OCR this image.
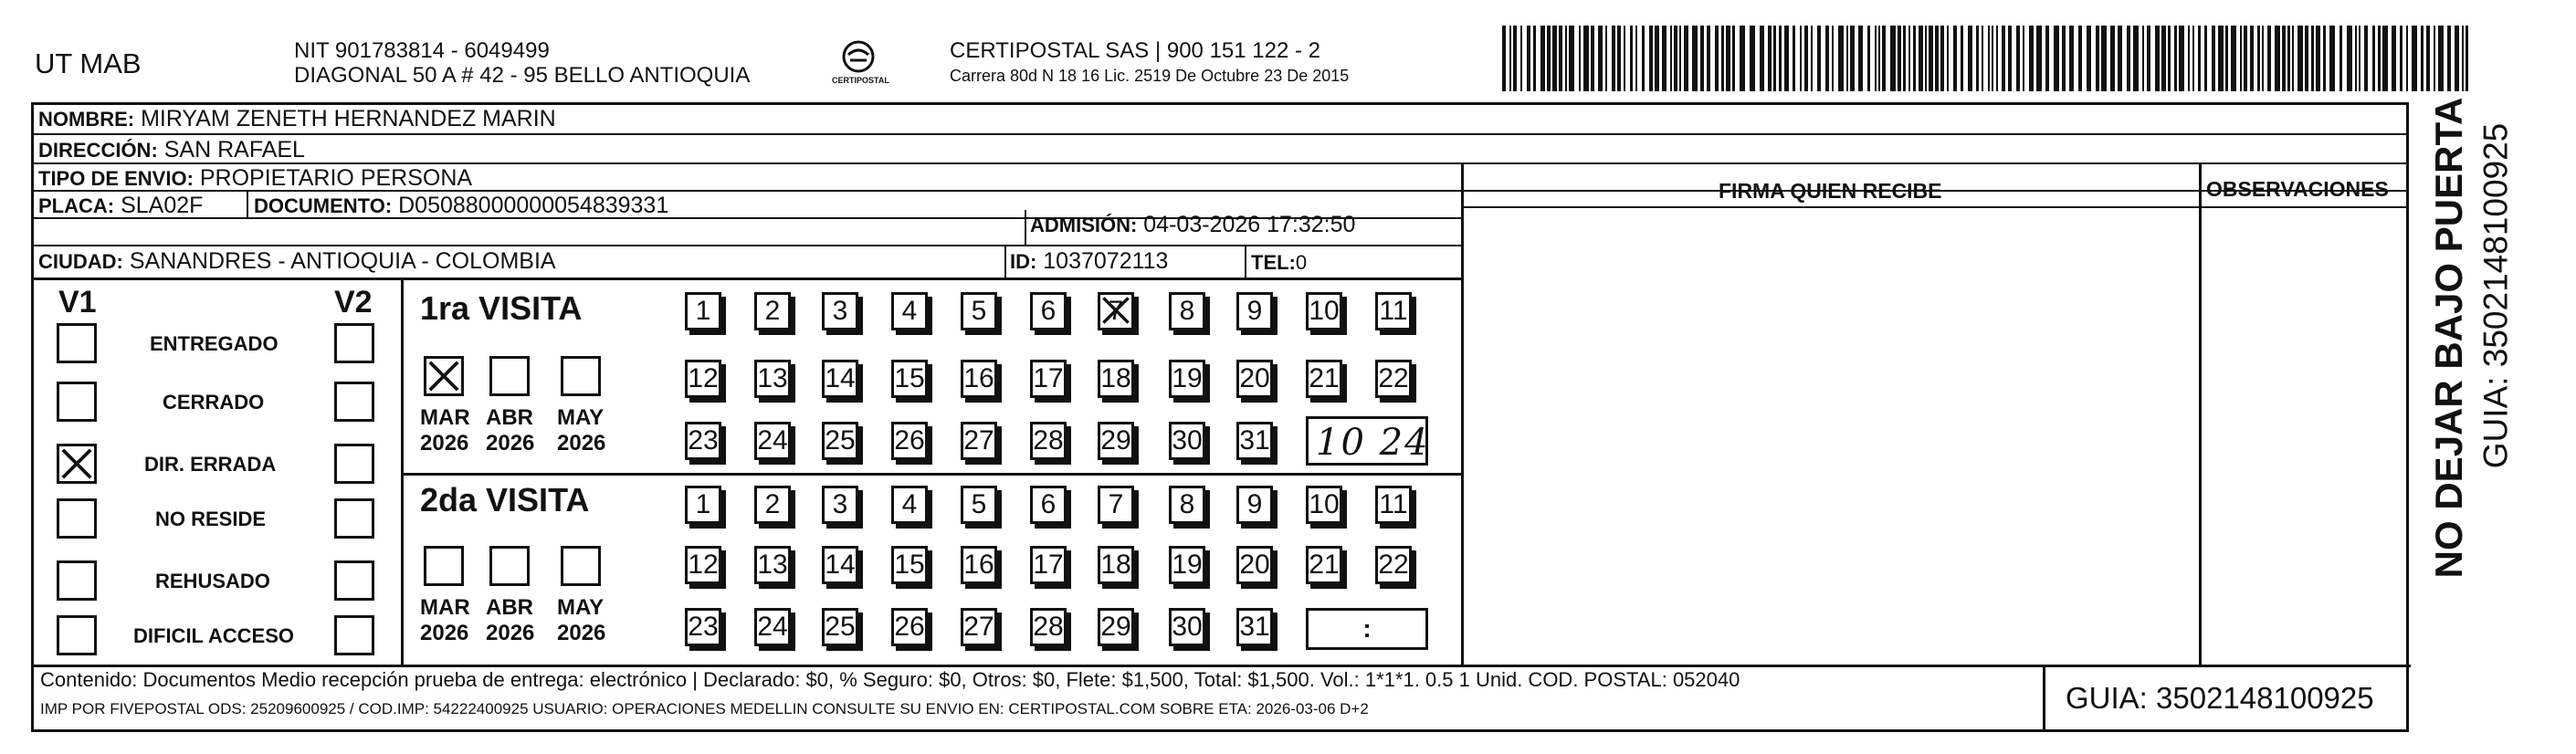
UT MAB	NIT 901783814 - 6049499
DIAGONAL 50 A # 42 - 95 BELLO ANTIOQUIA	CERTIPOSTAL
CERTIPOSTAL SAS | 900 151 122 - 2
Carrera 80d N 18 16 Lic. 2519 De Octubre 23 De 2015
NOMBRE: MIRYAM ZENETH HERNANDEZ MARIN
DIRECCIÓN: SAN RAFAEL
TIPO DE ENVIO: PROPIETARIO PERSONA
PLACA: SLA02F	DOCUMENTO: D05088000000054839331
ADMISIÓN: 04-03-2026 17:32:50
CIUDAD: SANANDRES - ANTIOQUIA - COLOMBIA	ID: 1037072113	TEL:0
FIRMA QUIEN RECIBE	OBSERVACIONES
V1	V2
ENTREGADO
CERRADO
DIR. ERRADA
NO RESIDE
REHUSADO
DIFICIL ACCESO
1ra VISITA
MAR
2026
ABR
2026
MAY
2026
1 2 3 4 5 6 7 8 9 10 11
12 13 14 15 16 17 18 19 20 21 22
23 24 25 26 27 28 29 30 31 10 24
2da VISITA
MAR
2026
ABR
2026
MAY
2026
1 2 3 4 5 6 7 8 9 10 11
12 13 14 15 16 17 18 19 20 21 22
23 24 25 26 27 28 29 30 31	:
Contenido: Documentos Medio recepción prueba de entrega: electrónico | Declarado: $0, % Seguro: $0, Otros: $0, Flete: $1,500, Total: $1,500. Vol.: 1*1*1. 0.5 1 Unid. COD. POSTAL: 052040
IMP POR FIVEPOSTAL ODS: 25209600925 / COD.IMP: 54222400925 USUARIO: OPERACIONES MEDELLIN CONSULTE SU ENVIO EN: CERTIPOSTAL.COM SOBRE ETA: 2026-03-06 D+2	GUIA: 3502148100925
NO DEJAR BAJO PUERTA GUIA: 3502148100925
